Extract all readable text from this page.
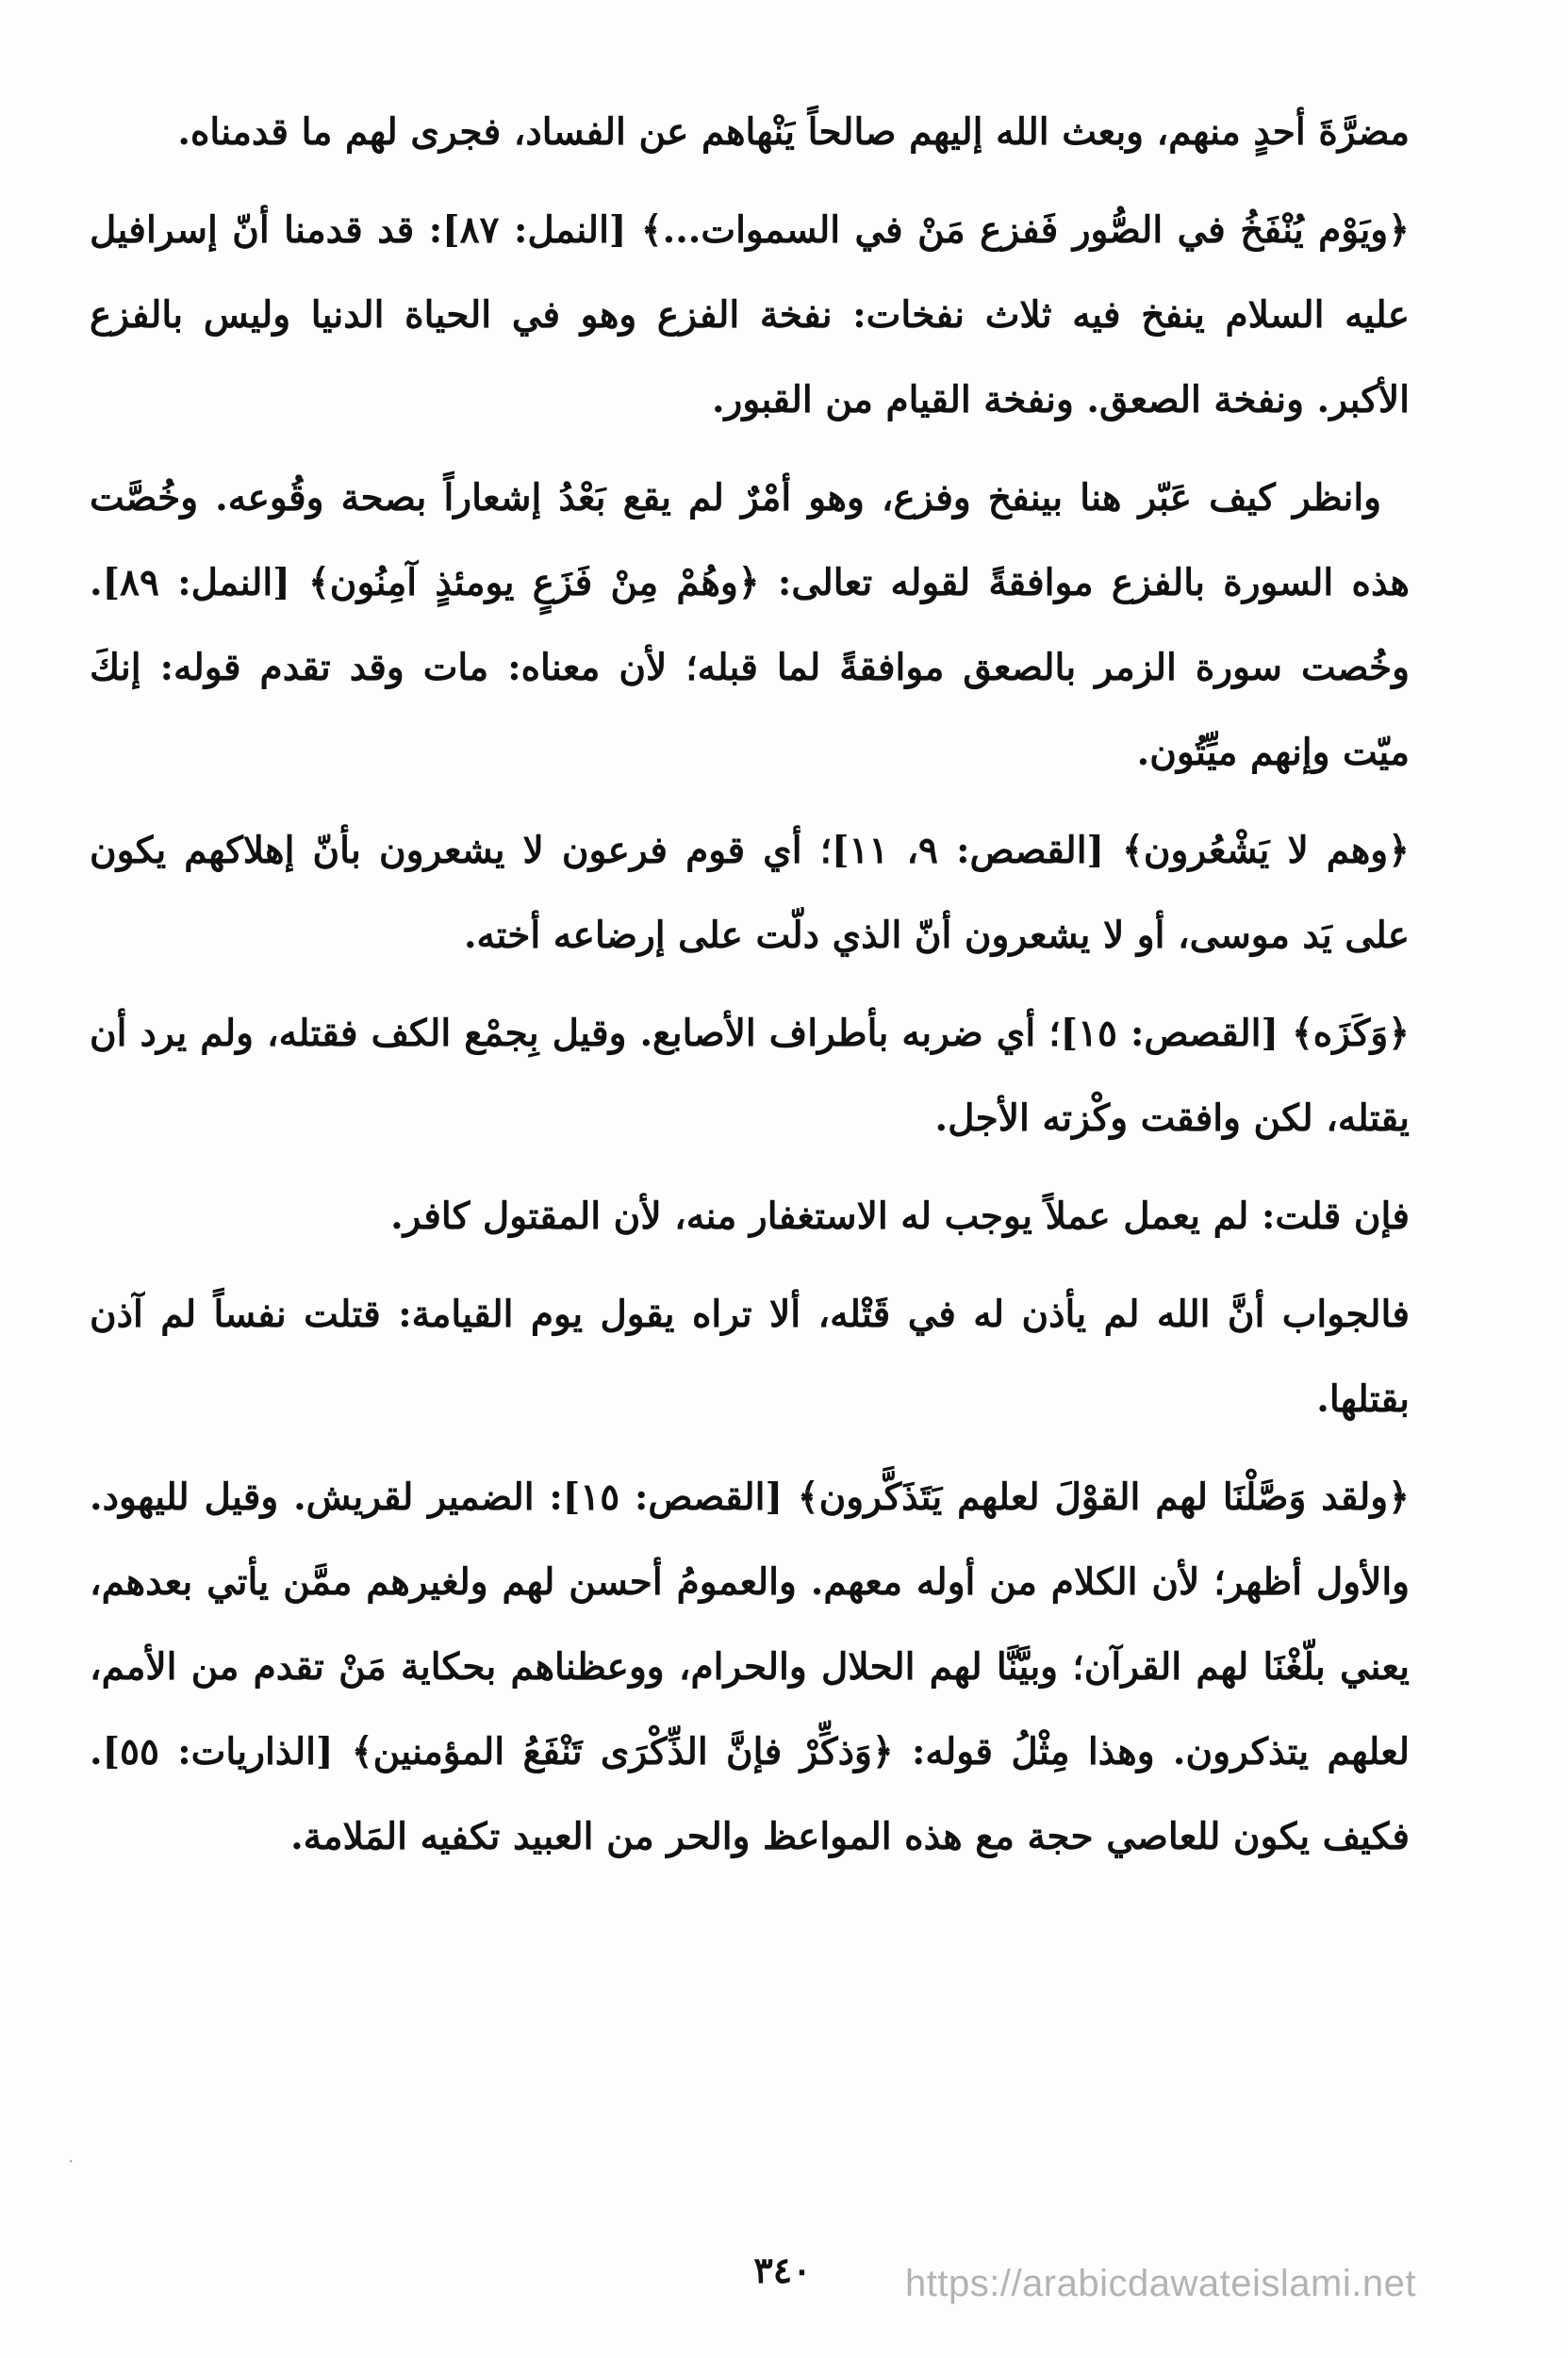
مضرَّةَ أحدٍ منهم، وبعث الله إليهم صالحاً يَنْهاهم عن الفساد، فجرى لهم ما قدمناه.

﴿ويَوْم يُنْفَخُ في الصُّور فَفزع مَنْ في السموات...﴾ [النمل: ٨٧]: قد قدمنا أنّ إسرافيل عليه السلام ينفخ فيه ثلاث نفخات: نفخة الفزع وهو في الحياة الدنيا وليس بالفزع الأكبر. ونفخة الصعق. ونفخة القيام من القبور.

وانظر كيف عَبّر هنا بينفخ وفزع، وهو أمْرٌ لم يقع بَعْدُ إشعاراً بصحة وقُوعه. وخُصَّت هذه السورة بالفزع موافقةً لقوله تعالى: ﴿وهُمْ مِنْ فَزَعٍ يومئذٍ آمِنُون﴾ [النمل: ٨٩]. وخُصت سورة الزمر بالصعق موافقةً لما قبله؛ لأن معناه: مات وقد تقدم قوله: إنكَ ميّت وإنهم ميِّتُون.

﴿وهم لا يَشْعُرون﴾ [القصص: ٩، ١١]؛ أي قوم فرعون لا يشعرون بأنّ إهلاكهم يكون على يَد موسى، أو لا يشعرون أنّ الذي دلّت على إرضاعه أخته.

﴿وَكَزَه﴾ [القصص: ١٥]؛ أي ضربه بأطراف الأصابع. وقيل بِجمْع الكف فقتله، ولم يرد أن يقتله، لكن وافقت وكْزته الأجل.

فإن قلت: لم يعمل عملاً يوجب له الاستغفار منه، لأن المقتول كافر.

فالجواب أنَّ الله لم يأذن له في قَتْله، ألا تراه يقول يوم القيامة: قتلت نفساً لم آذن بقتلها.

﴿ولقد وَصَّلْنَا لهم القوْلَ لعلهم يَتَذَكَّرون﴾ [القصص: ١٥]: الضمير لقريش. وقيل لليهود. والأول أظهر؛ لأن الكلام من أوله معهم. والعمومُ أحسن لهم ولغيرهم ممَّن يأتي بعدهم، يعني بلّغْنَا لهم القرآن؛ وبيَّنَّا لهم الحلال والحرام، ووعظناهم بحكاية مَنْ تقدم من الأمم، لعلهم يتذكرون. وهذا مِثْلُ قوله: ﴿وَذكِّرْ فإنَّ الذِّكْرَى تَنْفَعُ المؤمنين﴾ [الذاريات: ٥٥]. فكيف يكون للعاصي حجة مع هذه المواعظ والحر من العبيد تكفيه المَلامة.

٣٤٠	https://arabicdawateislami.net
·
